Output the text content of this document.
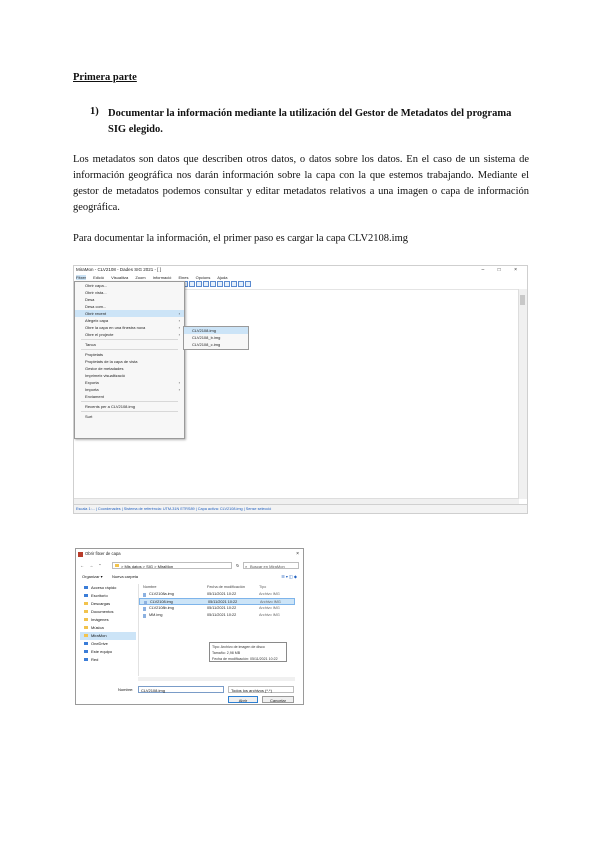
Primera parte
1) Documentar la información mediante la utilización del Gestor de Metadatos del programa SIG elegido.

Los metadatos son datos que describen otros datos, o datos sobre los datos. En el caso de un sistema de información geográfica nos darán información sobre la capa con la que estemos trabajando. Mediante el gestor de metadatos podemos consultar y editar metadatos relativos a una imagen o capa de información geográfica.

Para documentar la información, el primer paso es cargar la capa CLV2108.img

MiraMon - CLV2108 - Dades SIG 2021 - [ ]	– □ ×
Fitxer Edició Visualitza Zoom Informació Eines Opcions Ajuda
Escala 1:... | Coordenades | Sistema de referència: UTM-31N ETRS89 | Capa activa: CLV2108.img | Sense selecció
Obrir capa...
Obrir vista...
Desa
Desa com...
Obrir recent	›
Afegeix capa	›
Obre la capa en una finestra nova	›
Obre el projecte	›
Tanca
Propietats
Propietats de la capa de vista
Gestor de metadades
Imprimeix visualització
Exporta	›
Importa	›
Enviament
Recents per a CLV2108.img
Surt
CLV2108.img
CLV2108_b.img
CLV2108_c.img
Obrir fitxer de capa	×
← → ⌃	> Mis datos > SIG > MiraMon	↻ ⌕ Buscar en MiraMon
Organizar ▾ Nueva carpeta	☰ ▾ ◫ ◆
Acceso rápido
Escritorio
Descargas
Documentos
Imágenes
Música
MiraMon
OneDrive
Este equipo
Red
Nombre	Fecha de modificación	Tipo
CLV2108a.img	05/11/2021 10:22	Archivo IMG
CLV2108.img	05/11/2021 10:22	Archivo IMG
CLV2108b.img	05/11/2021 10:22	Archivo IMG
MM.img	05/11/2021 10:22	Archivo IMG
Tipo: Archivo de imagen de disco
Tamaño: 2,98 MB
Fecha de modificación: 05/11/2021 10:22
Nombre:	CLV2108.img	Todos los archivos (*.*)
Abrir	Cancelar
